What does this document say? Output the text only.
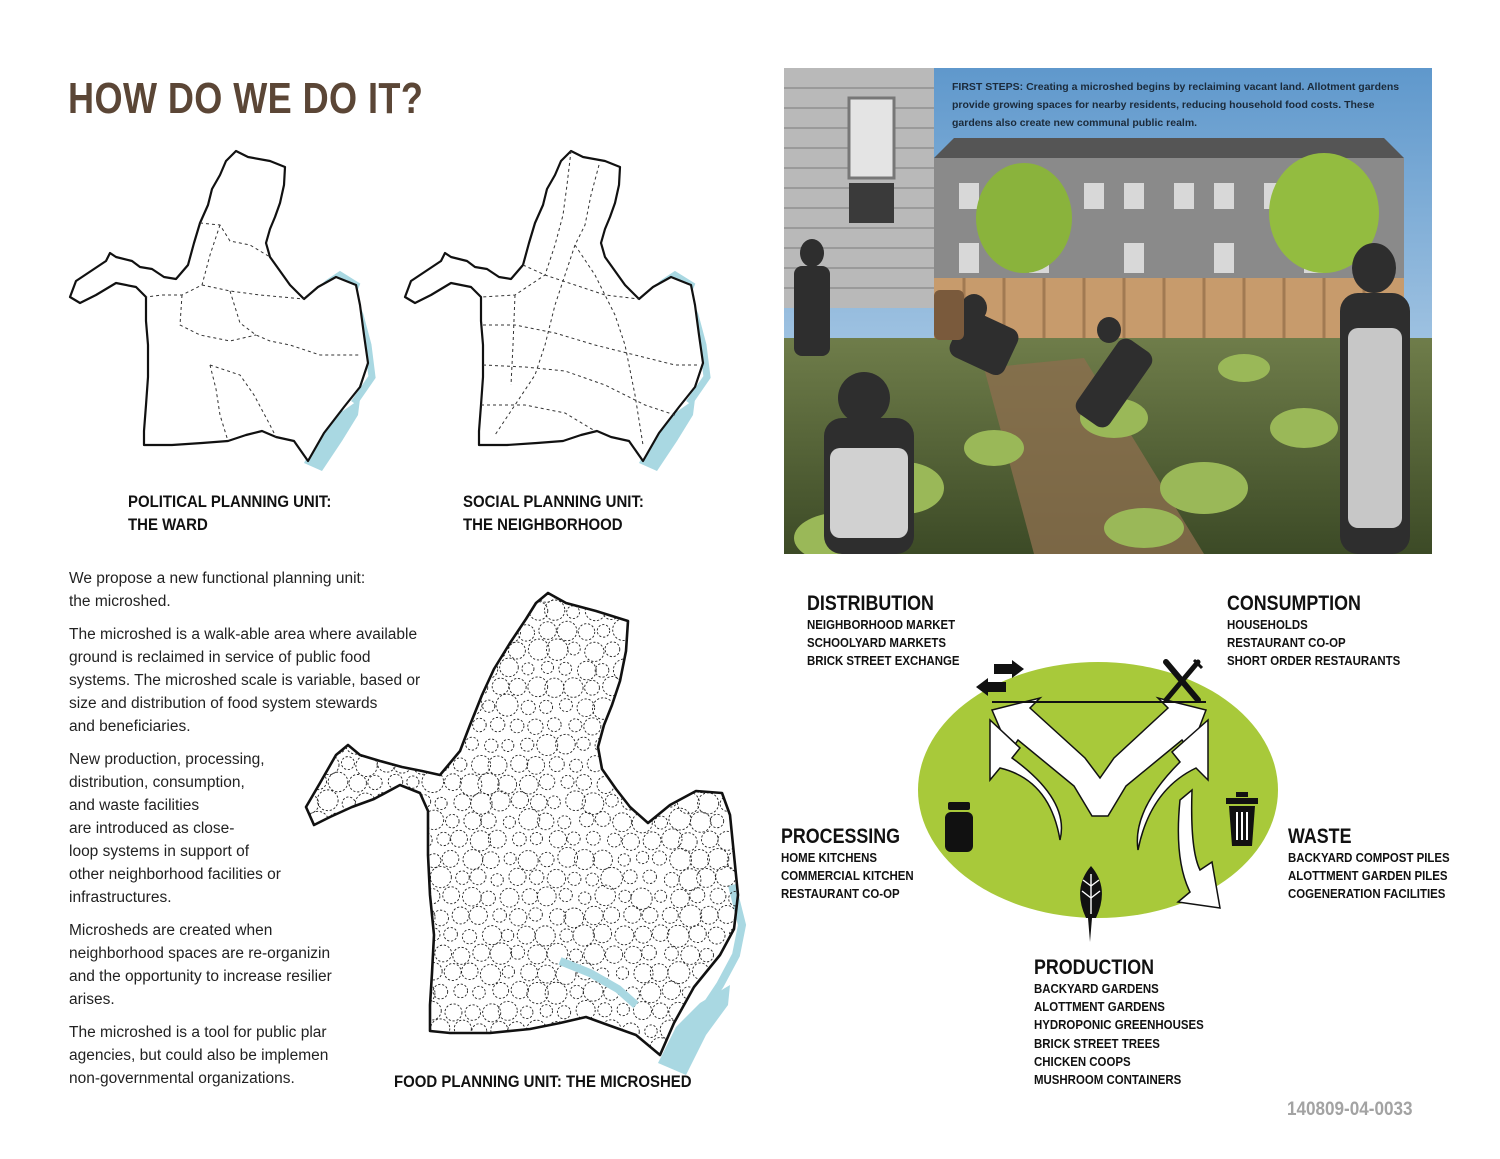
HOW DO WE DO IT?
POLITICAL PLANNING UNIT:
THE WARD
SOCIAL PLANNING UNIT:
THE NEIGHBORHOOD

We propose a new functional planning unit:
the microshed.

The microshed is a walk-able area where available
ground is reclaimed in service of public food
systems. The microshed scale is variable, based or
size and distribution of food system stewards
and beneficiaries.

New production, processing,
distribution, consumption,
and waste facilities
are introduced as close-
loop systems in support of
other neighborhood facilities or
infrastructures.

Microsheds are created when
neighborhood spaces are re-organizin
and the opportunity to increase resilier
arises.

The microshed is a tool for public plar
agencies, but could also be implemen
non-governmental organizations.	FOOD PLANNING UNIT: THE MICROSHED
FIRST STEPS: Creating a microshed begins by reclaiming vacant land. Allotment gardens provide growing spaces for nearby residents, reducing household food costs. These gardens also create new communal public realm.
DISTRIBUTION
NEIGHBORHOOD MARKET
SCHOOLYARD MARKETS
BRICK STREET EXCHANGE
CONSUMPTION
HOUSEHOLDS
RESTAURANT CO-OP
SHORT ORDER RESTAURANTS
PROCESSING
HOME KITCHENS
COMMERCIAL KITCHEN
RESTAURANT CO-OP
WASTE
BACKYARD COMPOST PILES
ALOTTMENT GARDEN PILES
COGENERATION FACILITIES
PRODUCTION
BACKYARD GARDENS
ALOTTMENT GARDENS
HYDROPONIC GREENHOUSES
BRICK STREET TREES
CHICKEN COOPS
MUSHROOM CONTAINERS
140809-04-0033
